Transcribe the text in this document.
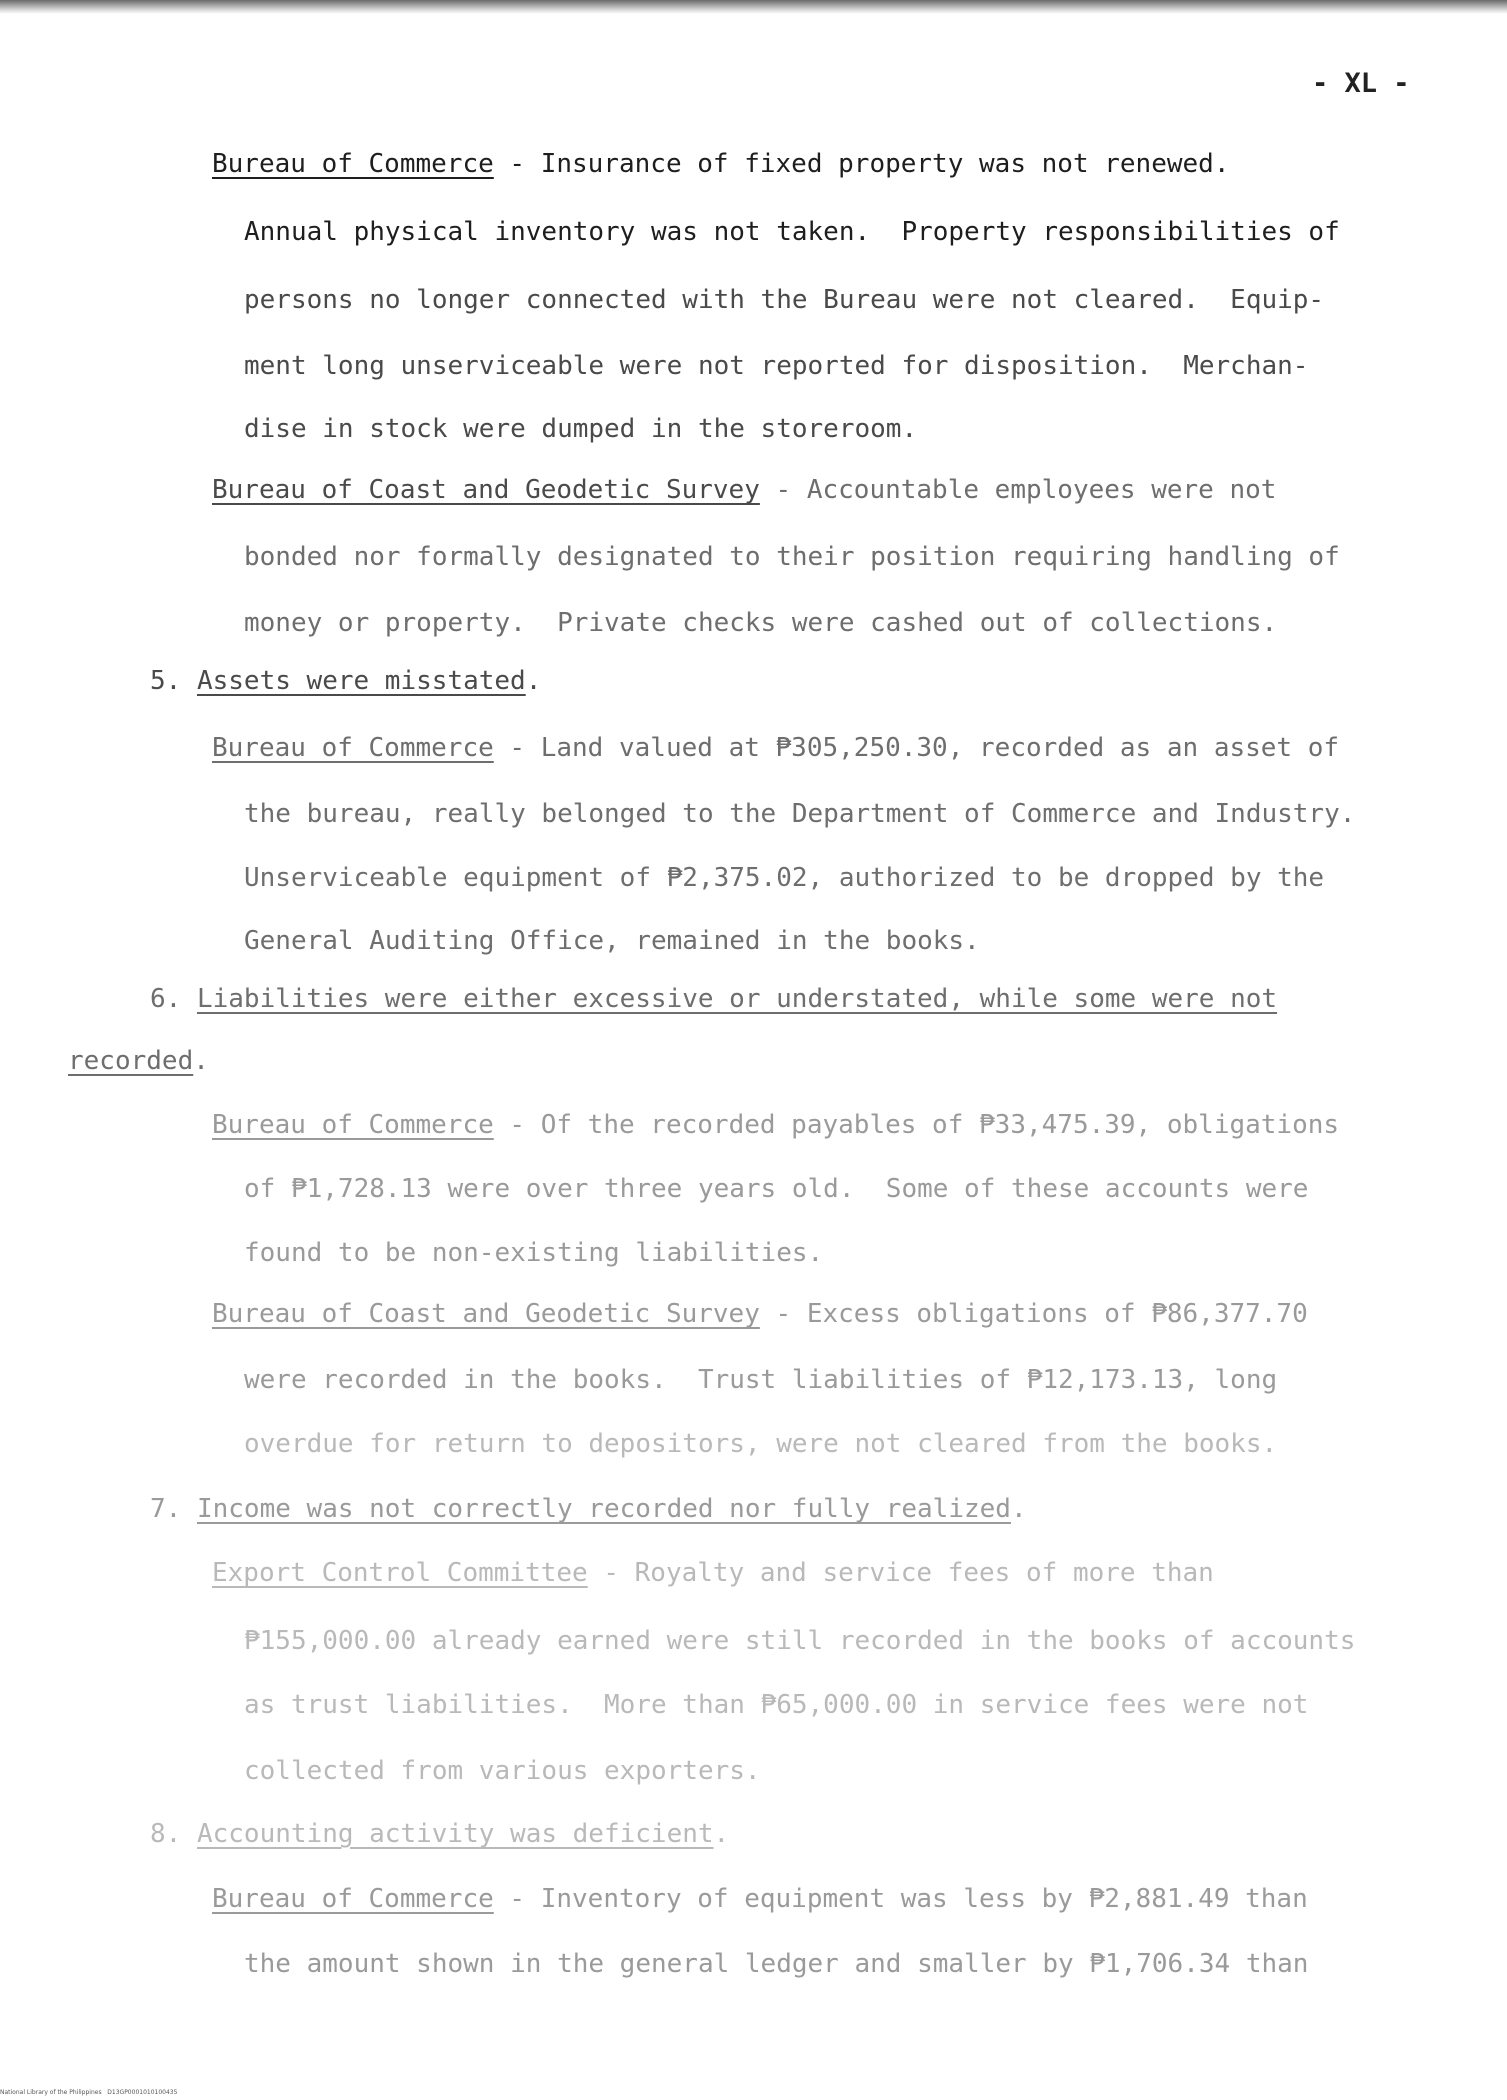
- XL -
Bureau of Commerce - Insurance of fixed property was not renewed.
Annual physical inventory was not taken.  Property responsibilities of
persons no longer connected with the Bureau were not cleared.  Equip-
ment long unserviceable were not reported for disposition.  Merchan-
dise in stock were dumped in the storeroom.
Bureau of Coast and Geodetic Survey - Accountable employees were not
bonded nor formally designated to their position requiring handling of
money or property.  Private checks were cashed out of collections.
5. Assets were misstated.
Bureau of Commerce - Land valued at ₱305,250.30, recorded as an asset of
the bureau, really belonged to the Department of Commerce and Industry.
Unserviceable equipment of ₱2,375.02, authorized to be dropped by the
General Auditing Office, remained in the books.
6. Liabilities were either excessive or understated, while some were not
recorded.
Bureau of Commerce - Of the recorded payables of ₱33,475.39, obligations
of ₱1,728.13 were over three years old.  Some of these accounts were
found to be non-existing liabilities.
Bureau of Coast and Geodetic Survey - Excess obligations of ₱86,377.70
were recorded in the books.  Trust liabilities of ₱12,173.13, long
overdue for return to depositors, were not cleared from the books.
7. Income was not correctly recorded nor fully realized.
Export Control Committee - Royalty and service fees of more than
₱155,000.00 already earned were still recorded in the books of accounts
as trust liabilities.  More than ₱65,000.00 in service fees were not
collected from various exporters.
8. Accounting activity was deficient.
Bureau of Commerce - Inventory of equipment was less by ₱2,881.49 than
the amount shown in the general ledger and smaller by ₱1,706.34 than
National Library of the Philippines   D13GP0001010100435
